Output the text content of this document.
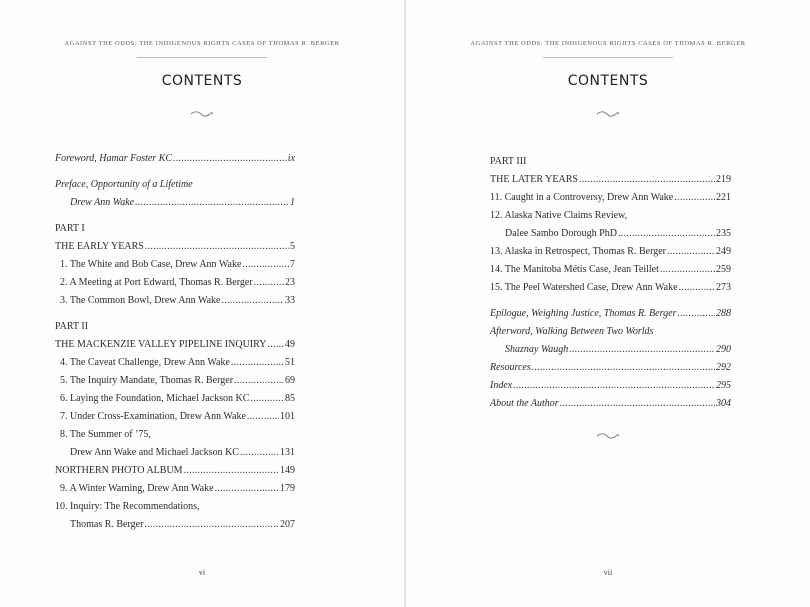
AGAINST THE ODDS: THE INDIGENOUS RIGHTS CASES OF THOMAS R. BERGER
CONTENTS
Foreword, Hamar Foster KC .....	ix
Preface, Opportunity of a Lifetime
Drew Ann Wake .....	1
PART I
THE EARLY YEARS .....	5
1. The White and Bob Case, Drew Ann Wake .....	7
2. A Meeting at Port Edward, Thomas R. Berger .....	23
3. The Common Bowl, Drew Ann Wake .....	33
PART II
THE MACKENZIE VALLEY PIPELINE INQUIRY ..... 49
4. The Caveat Challenge, Drew Ann Wake .....	51
5. The Inquiry Mandate, Thomas R. Berger .....	69
6. Laying the Foundation, Michael Jackson KC .....	85
7. Under Cross-Examination, Drew Ann Wake .....	101
8. The Summer of ’75,
Drew Ann Wake and Michael Jackson KC .....	131
NORTHERN PHOTO ALBUM .....	149
9. A Winter Warning, Drew Ann Wake .....	179
10. Inquiry: The Recommendations,
Thomas R. Berger .....	207
vi
AGAINST THE ODDS: THE INDIGENOUS RIGHTS CASES OF THOMAS R. BERGER
CONTENTS
PART III
THE LATER YEARS .....	219
11. Caught in a Controversy, Drew Ann Wake .....	221
12. Alaska Native Claims Review,
Dalee Sambo Dorough PhD .....	235
13. Alaska in Retrospect, Thomas R. Berger .....	249
14. The Manitoba Métis Case, Jean Teillet .....	259
15. The Peel Watershed Case, Drew Ann Wake .....	273
Epilogue, Weighing Justice, Thomas R. Berger .....	288
Afterword, Walking Between Two Worlds
Shaznay Waugh .....	290
Resources .....	292
Index .....	295
About the Author .....	304
vii
